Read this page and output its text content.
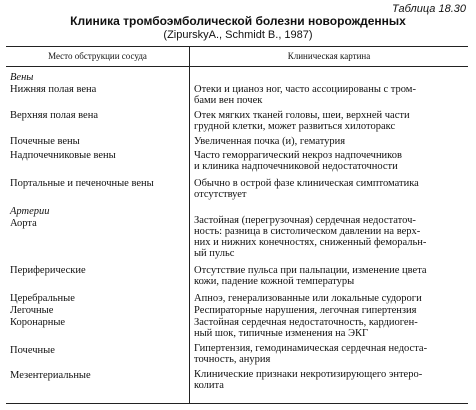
Таблица 18.30
Клиника тромбоэмболической болезни новорожденных
(ZipurskyA., Schmidt B., 1987)
Место обструкции сосуда	Клиническая картина
Вены
Нижняя полая вена	Отеки и цианоз ног, часто ассоциированы с тром-
бами вен почек
Верхняя полая вена	Отек мягких тканей головы, шеи, верхней части
грудной клетки, может развиться хилоторакс
Почечные вены	Увеличенная почка (и), гематурия
Надпочечниковые вены	Часто геморрагический некроз надпочечников
и клиника надпочечниковой недостаточности
Портальные и печеночные вены	Обычно в острой фазе клиническая симптоматика
отсутствует
Артерии
Аорта	Застойная (перегрузочная) сердечная недостаточ-
ность: разница в систолическом давлении на верх-
них и нижних конечностях, сниженный феморальн-
ый пульс
Периферические	Отсутствие пульса при пальпации, изменение цвета
кожи, падение кожной температуры
Церебральные	Апноэ, генерализованные или локальные судороги
Легочные	Респираторные нарушения, легочная гипертензия
Коронарные	Застойная сердечная недостаточность, кардиоген-
ный шок, типичные изменения на ЭКГ
Почечные	Гипертензия, гемодинамическая сердечная недоста-
точность, анурия
Мезентериальные	Клинические признаки некротизирующего энтеро-
колита
